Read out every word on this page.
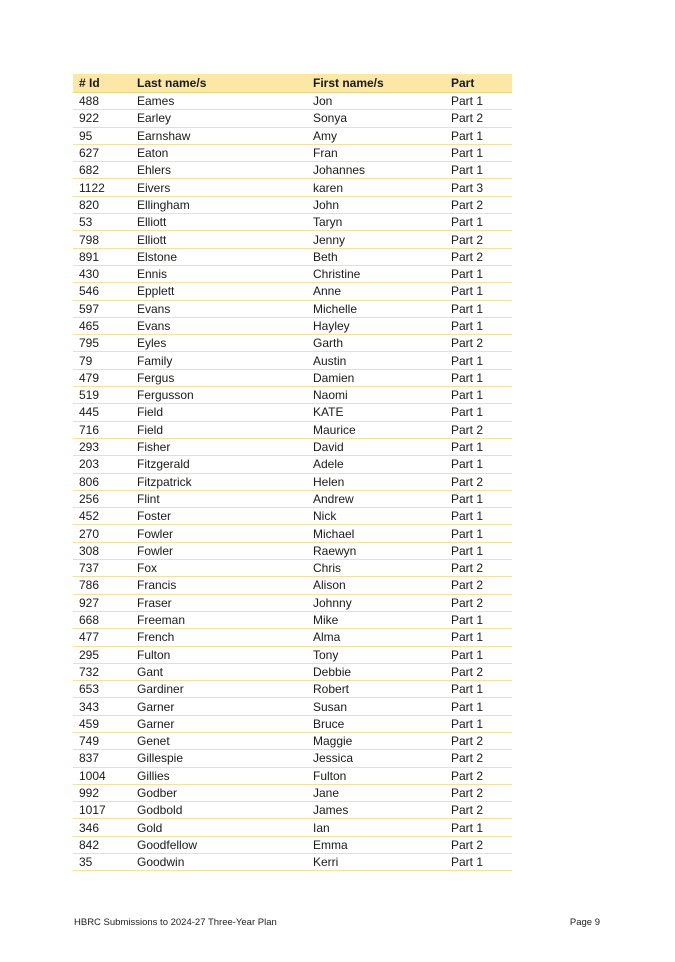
# Id	Last name/s	First name/s	Part
488	Eames	Jon	Part 1
922	Earley	Sonya	Part 2
95	Earnshaw	Amy	Part 1
627	Eaton	Fran	Part 1
682	Ehlers	Johannes	Part 1
1122	Eivers	karen	Part 3
820	Ellingham	John	Part 2
53	Elliott	Taryn	Part 1
798	Elliott	Jenny	Part 2
891	Elstone	Beth	Part 2
430	Ennis	Christine	Part 1
546	Epplett	Anne	Part 1
597	Evans	Michelle	Part 1
465	Evans	Hayley	Part 1
795	Eyles	Garth	Part 2
79	Family	Austin	Part 1
479	Fergus	Damien	Part 1
519	Fergusson	Naomi	Part 1
445	Field	KATE	Part 1
716	Field	Maurice	Part 2
293	Fisher	David	Part 1
203	Fitzgerald	Adele	Part 1
806	Fitzpatrick	Helen	Part 2
256	Flint	Andrew	Part 1
452	Foster	Nick	Part 1
270	Fowler	Michael	Part 1
308	Fowler	Raewyn	Part 1
737	Fox	Chris	Part 2
786	Francis	Alison	Part 2
927	Fraser	Johnny	Part 2
668	Freeman	Mike	Part 1
477	French	Alma	Part 1
295	Fulton	Tony	Part 1
732	Gant	Debbie	Part 2
653	Gardiner	Robert	Part 1
343	Garner	Susan	Part 1
459	Garner	Bruce	Part 1
749	Genet	Maggie	Part 2
837	Gillespie	Jessica	Part 2
1004	Gillies	Fulton	Part 2
992	Godber	Jane	Part 2
1017	Godbold	James	Part 2
346	Gold	Ian	Part 1
842	Goodfellow	Emma	Part 2
35	Goodwin	Kerri	Part 1
HBRC Submissions to 2024-27 Three-Year Plan	Page 9
